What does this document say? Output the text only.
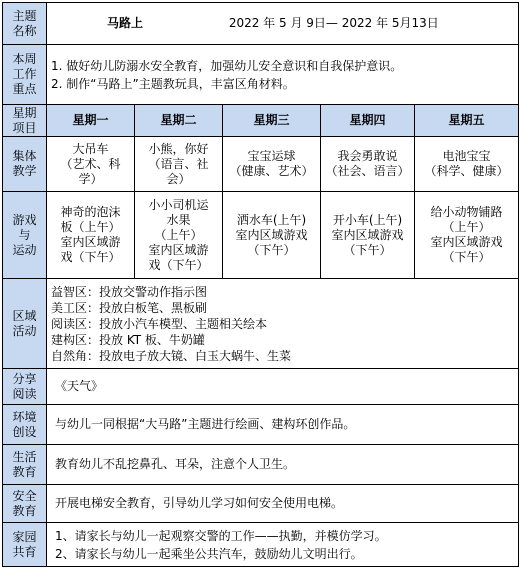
主题
名称	马路上 2022 年 5 月 9日— 2022 年 5月13日				

本周
工作
重点	1. 做好幼儿防溺水安全教育，加强幼儿安全意识和自我保护意识。
2. 制作“马路上”主题教玩具，丰富区角材料。				

星期
项目	星期一	星期二	星期三	星期四	星期五

集体
教学	大吊车
（艺术、科
学）	小熊，你好
（语言、社
会）	宝宝运球
（健康、艺术）	我会勇敢说
（社会、语言）	电池宝宝
（科学、健康）

游戏
与
运动	神奇的泡沫
板（上午）
室内区域游
戏（下午）	小小司机运
水果
（上午）
室内区域游
戏（下午）	洒水车(上午)
室内区域游戏
（下午）	开小车(上午)
室内区域游戏
（下午）	给小动物铺路
（上午）
室内区域游戏
（下午）

区域
活动	益智区：投放交警动作指示图
美工区：投放白板笔、黑板刷
阅读区：投放小汽车模型、主题相关绘本
建构区：投放 KT 板、牛奶罐
自然角：投放电子放大镜、白玉大蜗牛、生菜				

分享
阅读	《天气》				

环境
创设	与幼儿一同根据“大马路”主题进行绘画、建构环创作品。				

生活
教育	教育幼儿不乱挖鼻孔、耳朵，注意个人卫生。				

安全
教育	开展电梯安全教育，引导幼儿学习如何安全使用电梯。				

家园
共育	1、请家长与幼儿一起观察交警的工作——执勤，并模仿学习。
2、请家长与幼儿一起乘坐公共汽车，鼓励幼儿文明出行。				
